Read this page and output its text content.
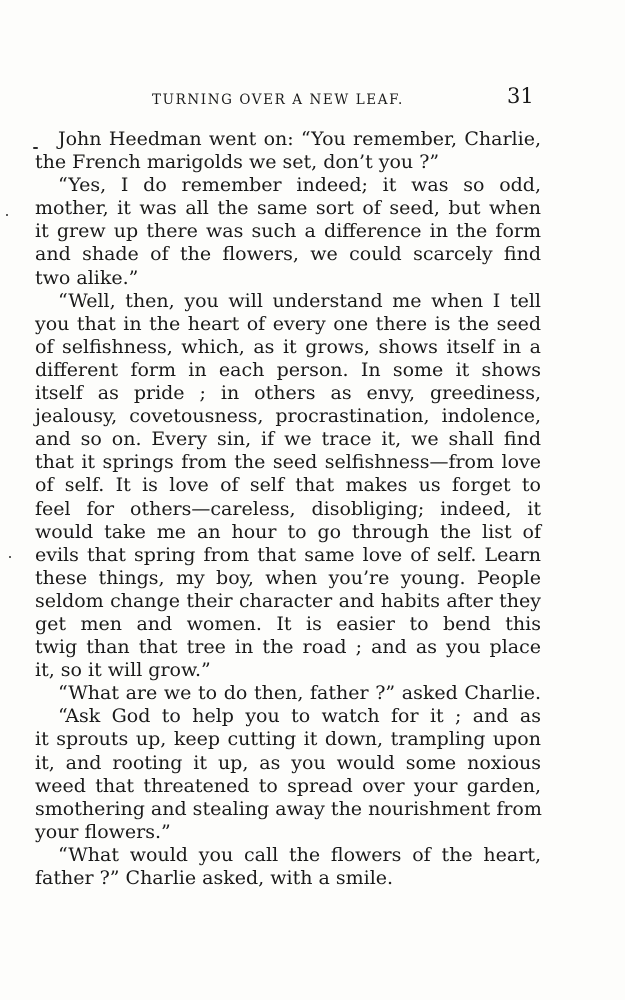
TURNING OVER A NEW LEAF.	31
John Heedman went on: “You remember, Charlie,
the French marigolds we set, don’t you ?”
“Yes, I do remember indeed; it was so odd,
mother, it was all the same sort of seed, but when
it grew up there was such a difference in the form
and shade of the flowers, we could scarcely find
two alike.”
“Well, then, you will understand me when I tell
you that in the heart of every one there is the seed
of selfishness, which, as it grows, shows itself in a
different form in each person. In some it shows
itself as pride ; in others as envy, greediness,
jealousy, covetousness, procrastination, indolence,
and so on. Every sin, if we trace it, we shall find
that it springs from the seed selfishness—from love
of self. It is love of self that makes us forget to
feel for others—careless, disobliging; indeed, it
would take me an hour to go through the list of
evils that spring from that same love of self. Learn
these things, my boy, when you’re young. People
seldom change their character and habits after they
get men and women. It is easier to bend this
twig than that tree in the road ; and as you place
it, so it will grow.”
“What are we to do then, father ?” asked Charlie.
“Ask God to help you to watch for it ; and as
it sprouts up, keep cutting it down, trampling upon
it, and rooting it up, as you would some noxious
weed that threatened to spread over your garden,
smothering and stealing away the nourishment from
your flowers.”
“What would you call the flowers of the heart,
father ?” Charlie asked, with a smile.
